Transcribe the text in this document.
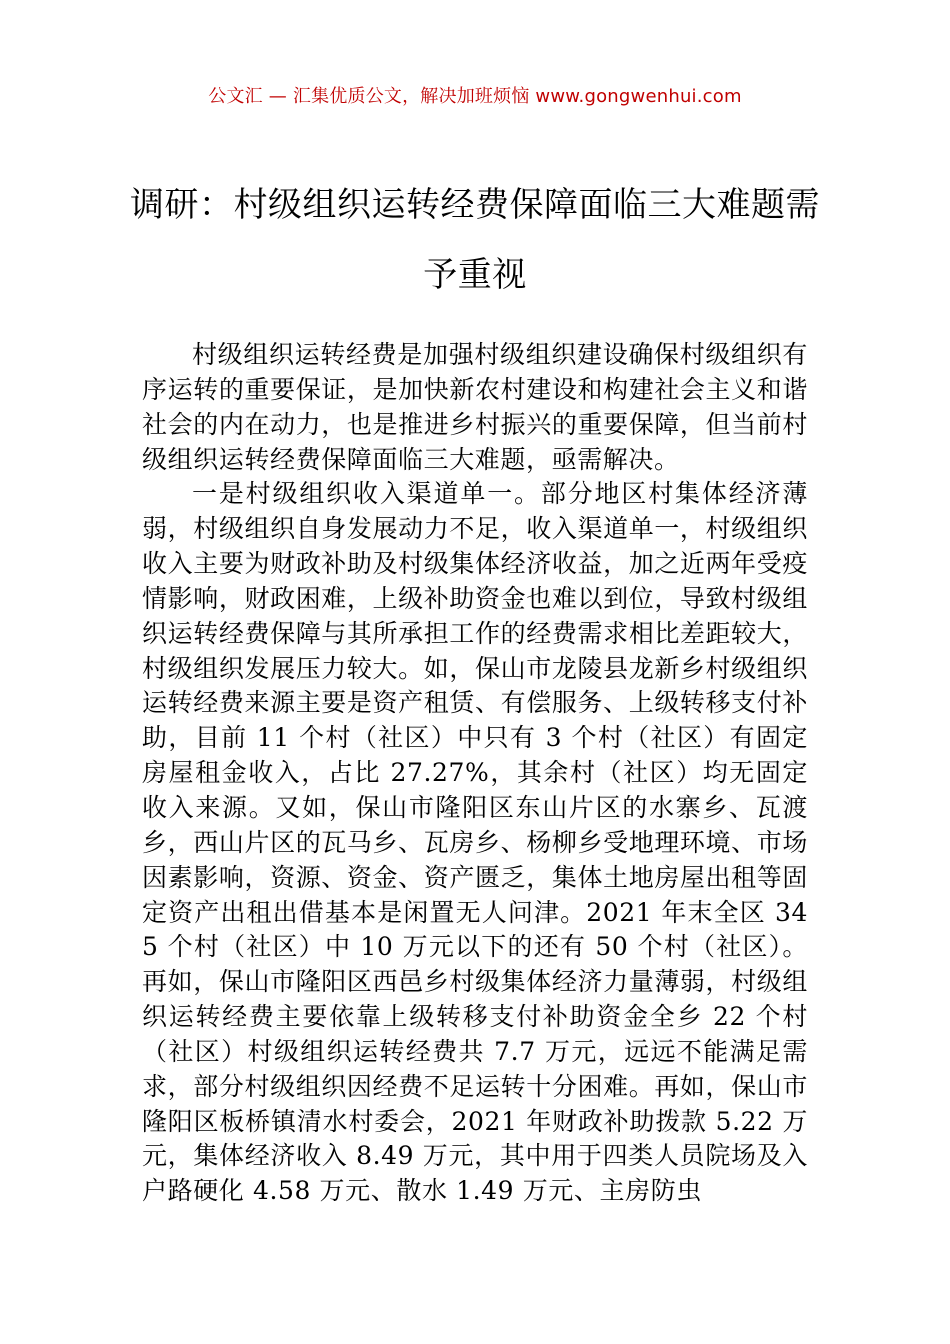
公文汇 — 汇集优质公文，解决加班烦恼 www.gongwenhui.com
调研：村级组织运转经费保障面临三大难题需予重视

村级组织运转经费是加强村级组织建设确保村级组织有序运转的重要保证，是加快新农村建设和构建社会主义和谐社会的内在动力，也是推进乡村振兴的重要保障，但当前村级组织运转经费保障面临三大难题，亟需解决。

一是村级组织收入渠道单一。部分地区村集体经济薄弱，村级组织自身发展动力不足，收入渠道单一，村级组织收入主要为财政补助及村级集体经济收益，加之近两年受疫情影响，财政困难，上级补助资金也难以到位，导致村级组织运转经费保障与其所承担工作的经费需求相比差距较大，村级组织发展压力较大。如，保山市龙陵县龙新乡村级组织运转经费来源主要是资产租赁、有偿服务、上级转移支付补助，目前 11 个村（社区）中只有 3 个村（社区）有固定房屋租金收入，占比 27.27%，其余村（社区）均无固定收入来源。又如，保山市隆阳区东山片区的水寨乡、瓦渡乡，西山片区的瓦马乡、瓦房乡、杨柳乡受地理环境、市场因素影响，资源、资金、资产匮乏，集体土地房屋出租等固定资产出租出借基本是闲置无人问津。2021 年末全区 345 个村（社区）中 10 万元以下的还有 50 个村（社区）。再如，保山市隆阳区西邑乡村级集体经济力量薄弱，村级组织运转经费主要依靠上级转移支付补助资金全乡 22 个村（社区）村级组织运转经费共 7.7 万元，远远不能满足需求，部分村级组织因经费不足运转十分困难。再如，保山市隆阳区板桥镇清水村委会，2021 年财政补助拨款 5.22 万元，集体经济收入 8.49 万元，其中用于四类人员院场及入户路硬化 4.58 万元、散水 1.49 万元、主房防虫
